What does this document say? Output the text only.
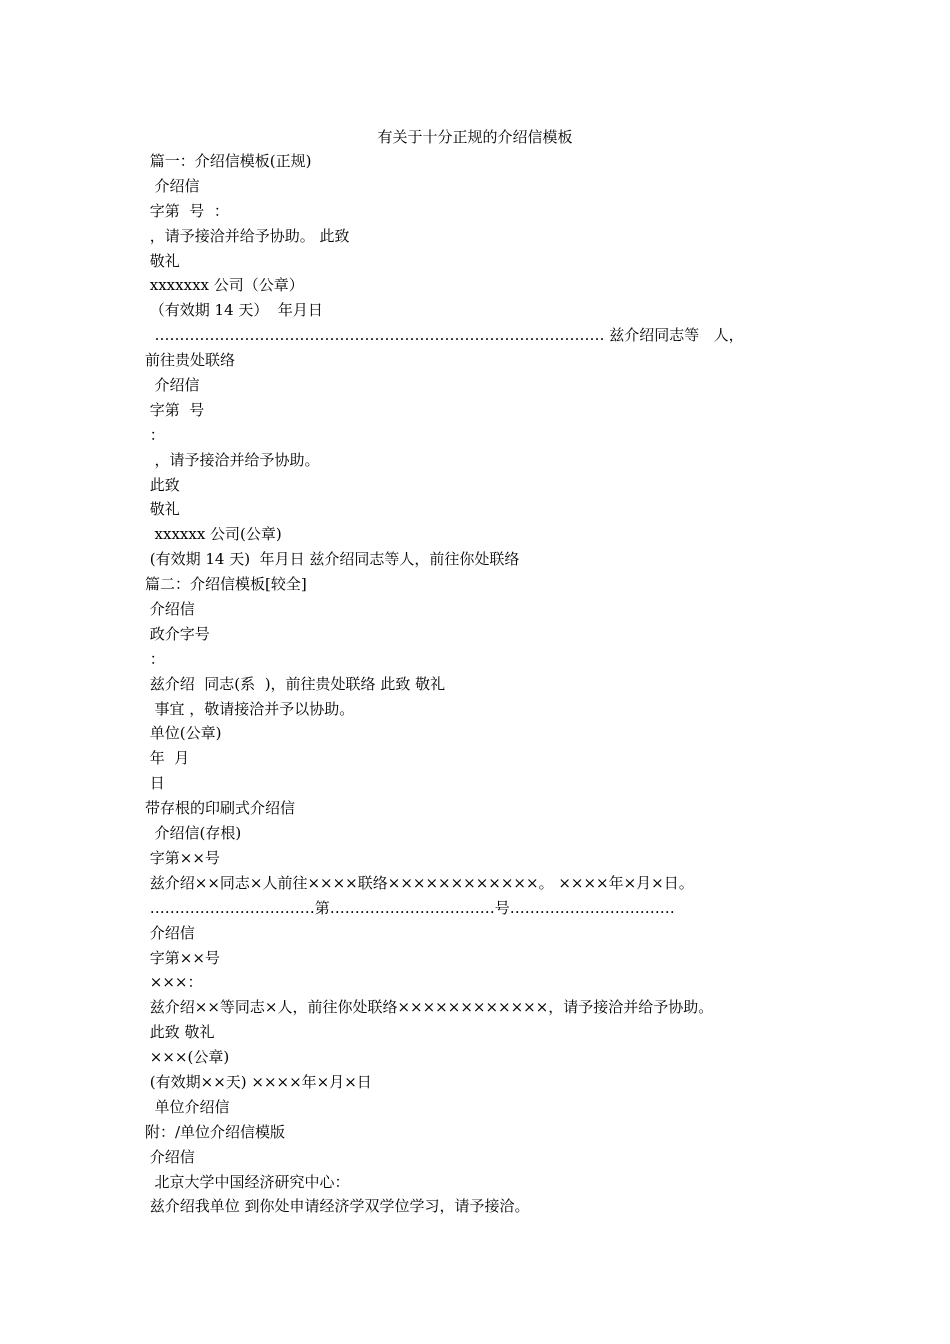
有关于十分正规的介绍信模板
篇一：介绍信模板(正规)
介绍信
字第  号  ：
，请予接洽并给予协助。 此致
敬礼
xxxxxxx 公司（公章）
（有效期 14 天）  年月日
……………………………………………………………………………… 兹介绍同志等   人，
前往贵处联络
介绍信
字第  号
：
，请予接洽并给予协助。
此致
敬礼
xxxxxx 公司(公章)
(有效期 14 天)  年月日 兹介绍同志等人，前往你处联络
篇二：介绍信模板[较全]
介绍信
政介字号
：
兹介绍  同志(系  )，前往贵处联络 此致 敬礼
事宜 ，敬请接洽并予以协助。
单位(公章)
年  月
日
带存根的印刷式介绍信
介绍信(存根)
字第××号
兹介绍××同志×人前往××××联络××××××××××××。 ××××年×月×日。
……………………………第……………………………号……………………………
介绍信
字第××号
×××：
兹介绍××等同志×人，前往你处联络××××××××××××，请予接洽并给予协助。
此致 敬礼
×××(公章)
(有效期××天) ××××年×月×日
单位介绍信
附：/单位介绍信模版
介绍信
北京大学中国经济研究中心：
兹介绍我单位 到你处申请经济学双学位学习，请予接洽。
